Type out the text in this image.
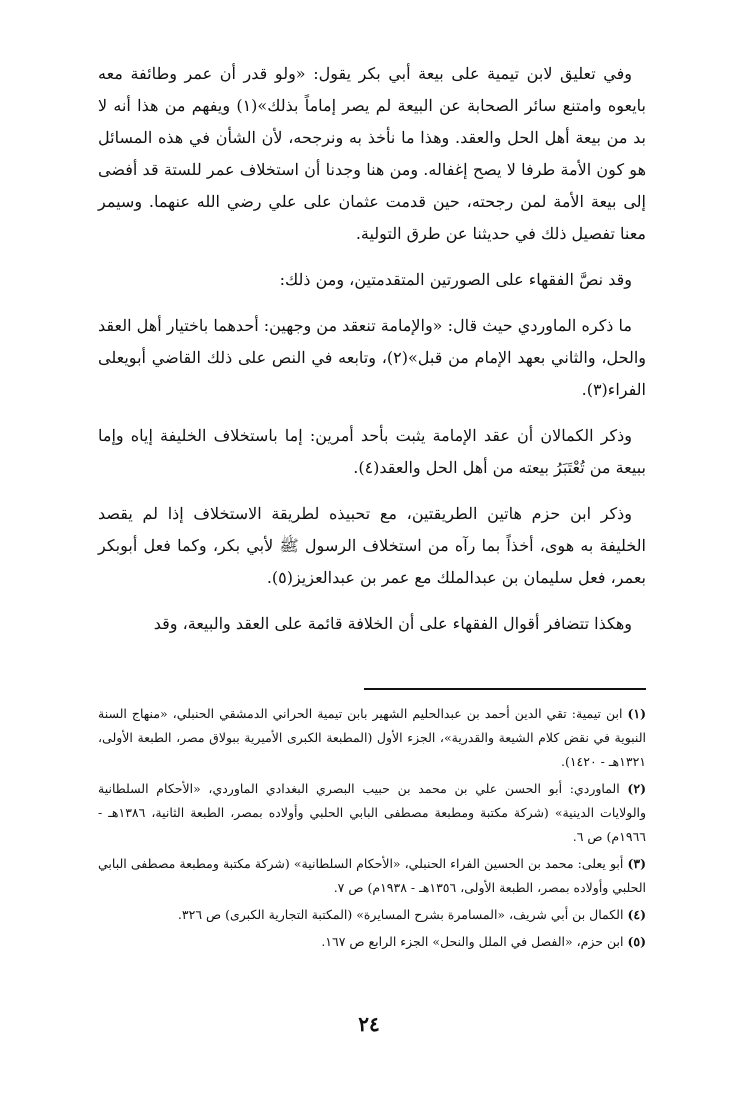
وفي تعليق لابن تيمية على بيعة أبي بكر يقول: «ولو قدر أن عمر وطائفة معه بايعوه وامتنع سائر الصحابة عن البيعة لم يصر إماماً بذلك»(١) ويفهم من هذا أنه لا بد من بيعة أهل الحل والعقد. وهذا ما نأخذ به ونرجحه، لأن الشأن في هذه المسائل هو كون الأمة طرفا لا يصح إغفاله. ومن هنا وجدنا أن استخلاف عمر للستة قد أفضى إلى بيعة الأمة لمن رجحته، حين قدمت عثمان على علي رضي الله عنهما. وسيمر معنا تفصيل ذلك في حديثنا عن طرق التولية.

وقد نصَّ الفقهاء على الصورتين المتقدمتين، ومن ذلك:

ما ذكره الماوردي حيث قال: «والإمامة تنعقد من وجهين: أحدهما باختيار أهل العقد والحل، والثاني بعهد الإمام من قبل»(٢)، وتابعه في النص على ذلك القاضي أبويعلى الفراء(٣).

وذكر الكمالان أن عقد الإمامة يثبت بأحد أمرين: إما باستخلاف الخليفة إياه وإما ببيعة من تُعْتَبَرُ بيعته من أهل الحل والعقد(٤).

وذكر ابن حزم هاتين الطريقتين، مع تحبيذه لطريقة الاستخلاف إذا لم يقصد الخليفة به هوى، أخذاً بما رآه من استخلاف الرسول ﷺ لأبي بكر، وكما فعل أبوبكر بعمر، فعل سليمان بن عبدالملك مع عمر بن عبدالعزيز(٥).

وهكذا تتضافر أقوال الفقهاء على أن الخلافة قائمة على العقد والبيعة، وقد

(١) ابن تيمية: تقي الدين أحمد بن عبدالحليم الشهير بابن تيمية الحراني الدمشقي الحنبلي، «منهاج السنة النبوية في نقض كلام الشيعة والقدرية»، الجزء الأول (المطبعة الكبرى الأميرية ببولاق مصر، الطبعة الأولى، ١٣٢١هـ - ١٤٢٠).

(٢) الماوردي: أبو الحسن علي بن محمد بن حبيب البصري البغدادي الماوردي، «الأحكام السلطانية والولايات الدينية» (شركة مكتبة ومطبعة مصطفى البابي الحلبي وأولاده بمصر، الطبعة الثانية، ١٣٨٦هـ - ١٩٦٦م) ص ٦.

(٣) أبو يعلى: محمد بن الحسين الفراء الحنبلي، «الأحكام السلطانية» (شركة مكتبة ومطبعة مصطفى البابي الحلبي وأولاده بمصر، الطبعة الأولى، ١٣٥٦هـ - ١٩٣٨م) ص ٧.

(٤) الكمال بن أبي شريف، «المسامرة بشرح المسايرة» (المكتبة التجارية الكبرى) ص ٣٢٦.

(٥) ابن حزم، «الفصل في الملل والنحل» الجزء الرابع ص ١٦٧.

٢٤
